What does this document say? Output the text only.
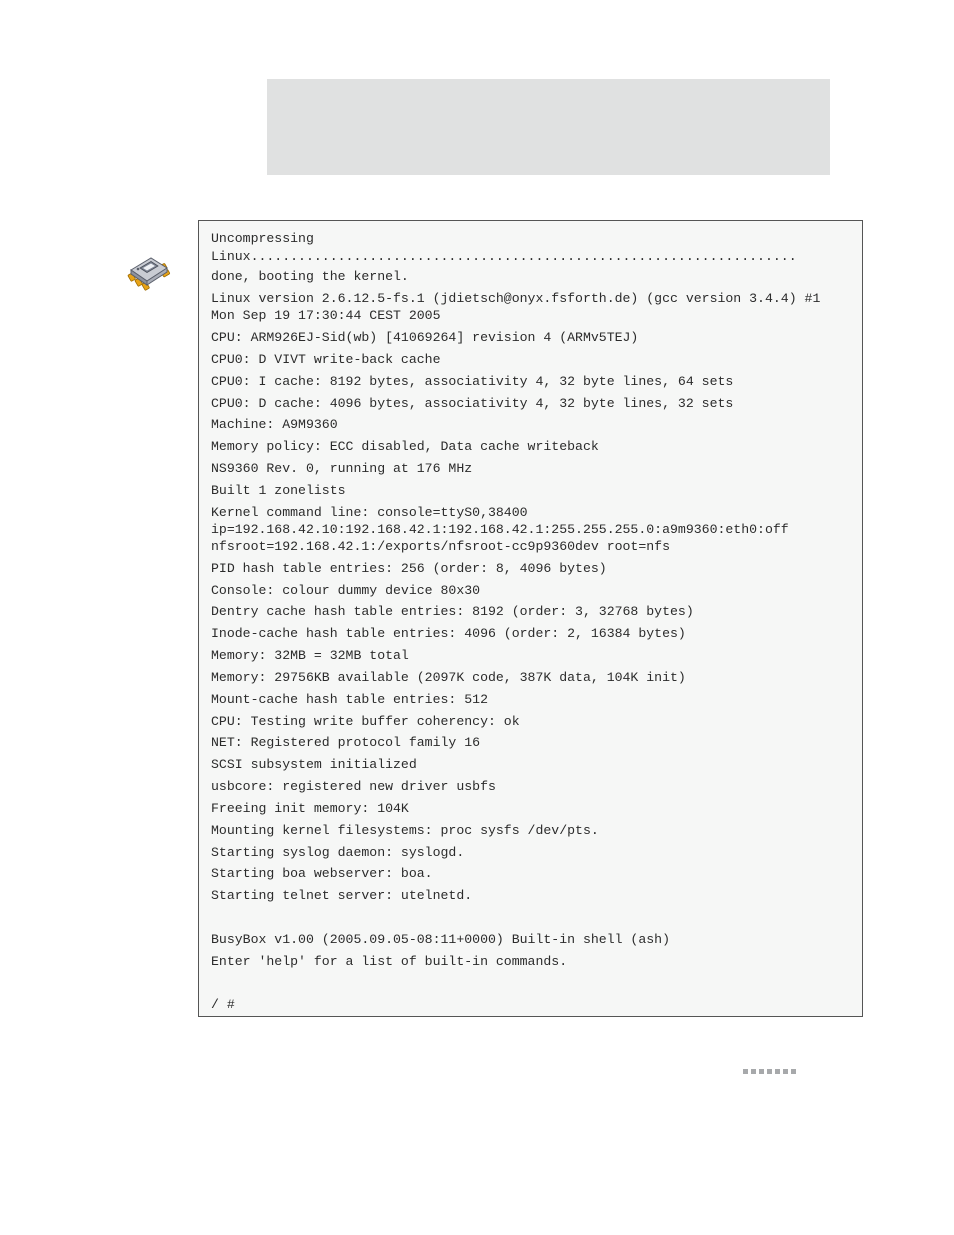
Uncompressing

Linux.....................................................................

done, booting the kernel.

Linux version 2.6.12.5-fs.1 (jdietsch@onyx.fsforth.de) (gcc version 3.4.4) #1

Mon Sep 19 17:30:44 CEST 2005

CPU: ARM926EJ-Sid(wb) [41069264] revision 4 (ARMv5TEJ)

CPU0: D VIVT write-back cache

CPU0: I cache: 8192 bytes, associativity 4, 32 byte lines, 64 sets

CPU0: D cache: 4096 bytes, associativity 4, 32 byte lines, 32 sets

Machine: A9M9360

Memory policy: ECC disabled, Data cache writeback

NS9360 Rev. 0, running at 176 MHz

Built 1 zonelists

Kernel command line: console=ttyS0,38400

ip=192.168.42.10:192.168.42.1:192.168.42.1:255.255.255.0:a9m9360:eth0:off

nfsroot=192.168.42.1:/exports/nfsroot-cc9p9360dev root=nfs

PID hash table entries: 256 (order: 8, 4096 bytes)

Console: colour dummy device 80x30

Dentry cache hash table entries: 8192 (order: 3, 32768 bytes)

Inode-cache hash table entries: 4096 (order: 2, 16384 bytes)

Memory: 32MB = 32MB total

Memory: 29756KB available (2097K code, 387K data, 104K init)

Mount-cache hash table entries: 512

CPU: Testing write buffer coherency: ok

NET: Registered protocol family 16

SCSI subsystem initialized

usbcore: registered new driver usbfs

Freeing init memory: 104K

Mounting kernel filesystems: proc sysfs /dev/pts.

Starting syslog daemon: syslogd.

Starting boa webserver: boa.

Starting telnet server: utelnetd.

BusyBox v1.00 (2005.09.05-08:11+0000) Built-in shell (ash)

Enter 'help' for a list of built-in commands.

/ #
